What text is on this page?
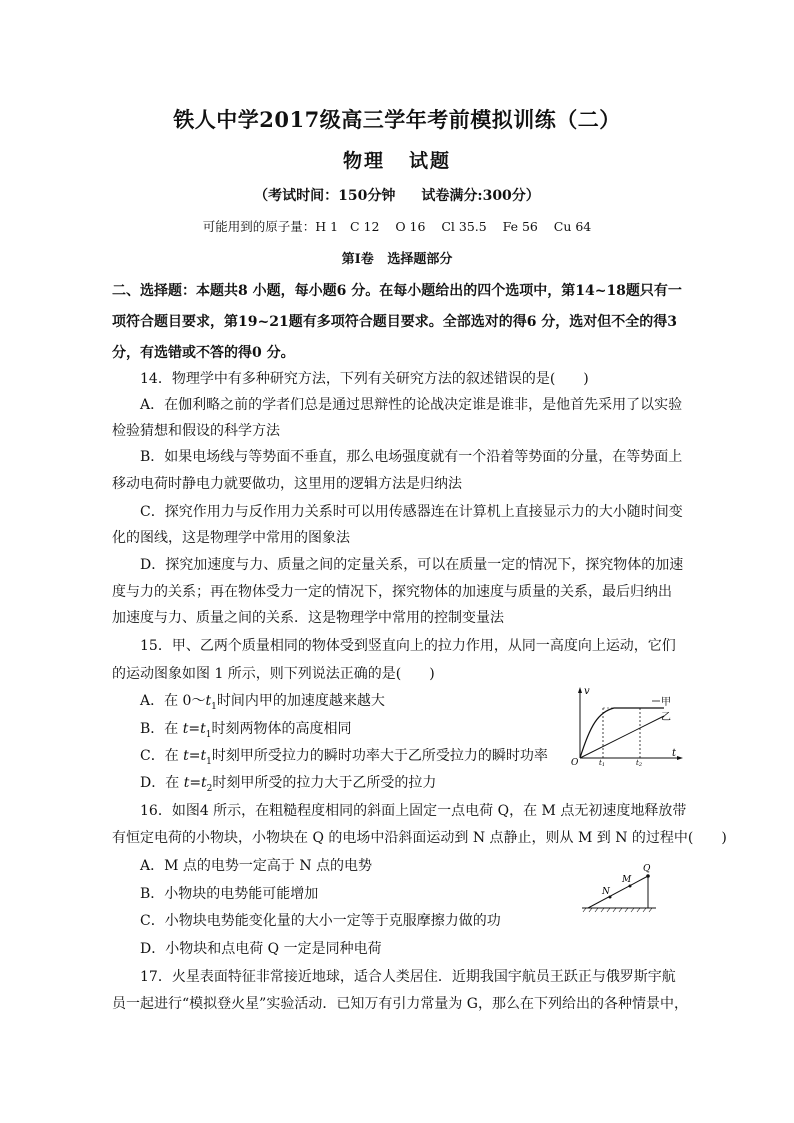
铁人中学2017级高三学年考前模拟训练（二）
物理 试题
（考试时间：150分钟 试卷满分:300分）
可能用到的原子量：H 1   C 12    O 16    Cl 35.5    Fe 56    Cu 64
第Ⅰ卷   选择题部分
二、选择题：本题共8 小题，每小题6 分。在每小题给出的四个选项中，第14~18题只有一
项符合题目要求，第19~21题有多项符合题目要求。全部选对的得6 分，选对但不全的得3
分，有选错或不答的得0 分。
14．物理学中有多种研究方法，下列有关研究方法的叙述错误的是(　　)
A．在伽利略之前的学者们总是通过思辩性的论战决定谁是谁非，是他首先采用了以实验
检验猜想和假设的科学方法
B．如果电场线与等势面不垂直，那么电场强度就有一个沿着等势面的分量，在等势面上
移动电荷时静电力就要做功，这里用的逻辑方法是归纳法
C．探究作用力与反作用力关系时可以用传感器连在计算机上直接显示力的大小随时间变
化的图线，这是物理学中常用的图象法
D．探究加速度与力、质量之间的定量关系，可以在质量一定的情况下，探究物体的加速
度与力的关系；再在物体受力一定的情况下，探究物体的加速度与质量的关系，最后归纳出
加速度与力、质量之间的关系．这是物理学中常用的控制变量法
15．甲、乙两个质量相同的物体受到竖直向上的拉力作用，从同一高度向上运动，它们
的运动图象如图 1 所示，则下列说法正确的是(　　)
A．在 $0\sim t_1$时间内甲的加速度越来越大
B．在 $t=t_1$时刻两物体的高度相同
C．在 $t=t_1$时刻甲所受拉力的瞬时功率大于乙所受拉力的瞬时功率
D．在 $t=t_2$时刻甲所受的拉力大于乙所受的拉力
甲
乙
v
t
O	t1	t2
16．如图4 所示，在粗糙程度相同的斜面上固定一点电荷 Q，在 M 点无初速度地释放带
有恒定电荷的小物块，小物块在 Q 的电场中沿斜面运动到 N 点静止，则从 M 到 N 的过程中(　　)
A．M 点的电势一定高于 N 点的电势
B．小物块的电势能可能增加
C．小物块电势能变化量的大小一定等于克服摩擦力做的功
D．小物块和点电荷 Q 一定是同种电荷
Q
M
N
17．火星表面特征非常接近地球，适合人类居住．近期我国宇航员王跃正与俄罗斯宇航
员一起进行“模拟登火星”实验活动．已知万有引力常量为 G，那么在下列给出的各种情景中，
